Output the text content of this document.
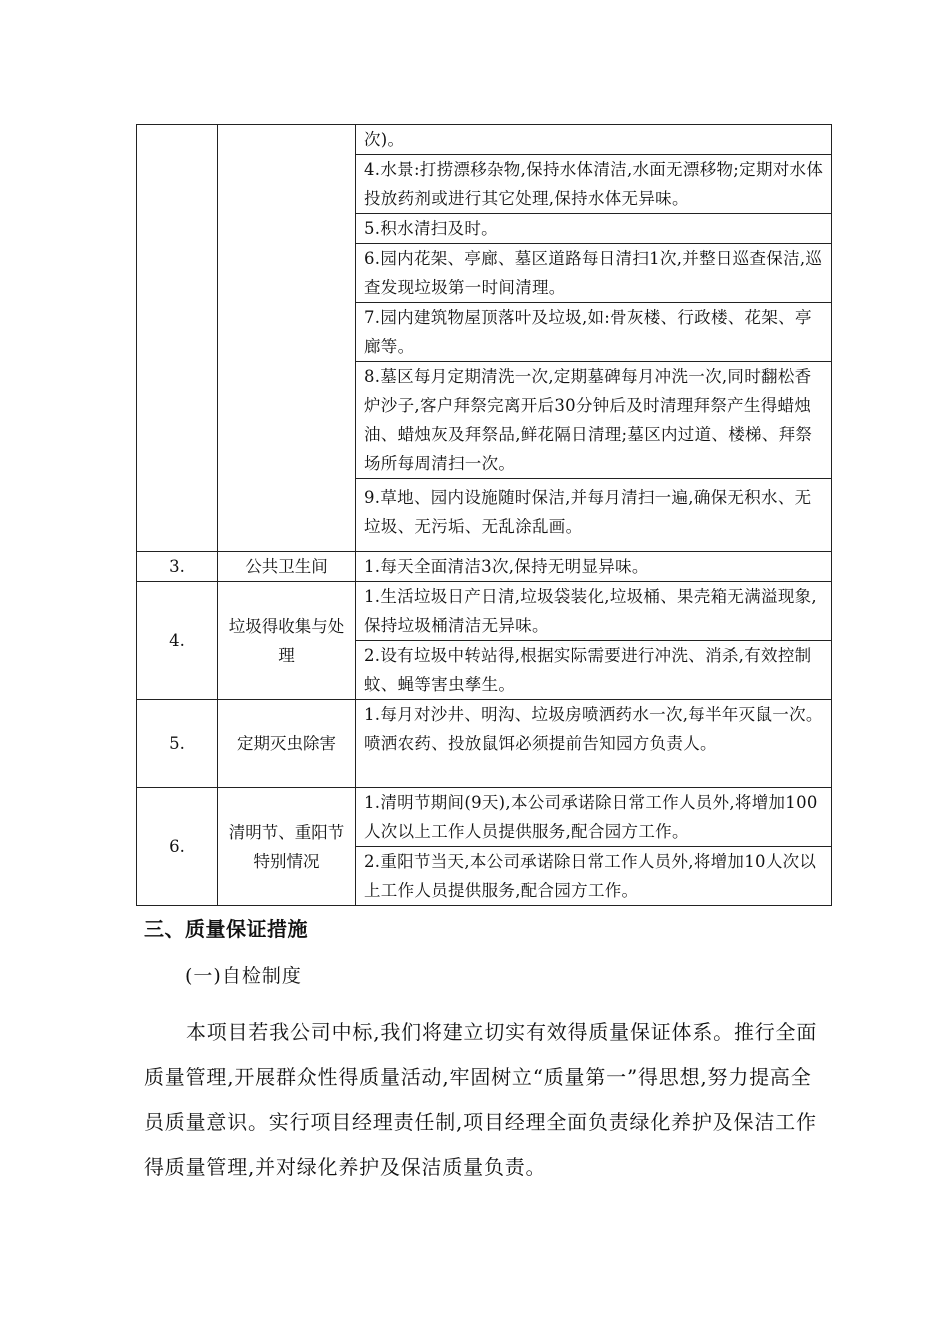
		次)。
		4.水景:打捞漂移杂物,保持水体清洁,水面无漂移物;定期对水体投放药剂或进行其它处理,保持水体无异味。
		5.积水清扫及时。
		6.园内花架、亭廊、墓区道路每日清扫1次,并整日巡查保洁,巡查发现垃圾第一时间清理。
		7.园内建筑物屋顶落叶及垃圾,如:骨灰楼、行政楼、花架、亭廊等。
		8.墓区每月定期清洗一次,定期墓碑每月冲洗一次,同时翻松香炉沙子,客户拜祭完离开后30分钟后及时清理拜祭产生得蜡烛油、蜡烛灰及拜祭品,鲜花隔日清理;墓区内过道、楼梯、拜祭场所每周清扫一次。
		9.草地、园内设施随时保洁,并每月清扫一遍,确保无积水、无垃圾、无污垢、无乱涂乱画。
3.	公共卫生间	1.每天全面清洁3次,保持无明显异味。
4.	垃圾得收集与处理	1.生活垃圾日产日清,垃圾袋装化,垃圾桶、果壳箱无满溢现象,保持垃圾桶清洁无异味。
		2.设有垃圾中转站得,根据实际需要进行冲洗、消杀,有效控制蚊、蝇等害虫孳生。
5.	定期灭虫除害	1.每月对沙井、明沟、垃圾房喷洒药水一次,每半年灭鼠一次。喷洒农药、投放鼠饵必须提前告知园方负责人。
6.	清明节、重阳节特别情况	1.清明节期间(9天),本公司承诺除日常工作人员外,将增加100人次以上工作人员提供服务,配合园方工作。
		2.重阳节当天,本公司承诺除日常工作人员外,将增加10人次以上工作人员提供服务,配合园方工作。
三、质量保证措施
(一)自检制度

本项目若我公司中标,我们将建立切实有效得质量保证体系。推行全面质量管理,开展群众性得质量活动,牢固树立“质量第一”得思想,努力提高全员质量意识。实行项目经理责任制,项目经理全面负责绿化养护及保洁工作得质量管理,并对绿化养护及保洁质量负责。
